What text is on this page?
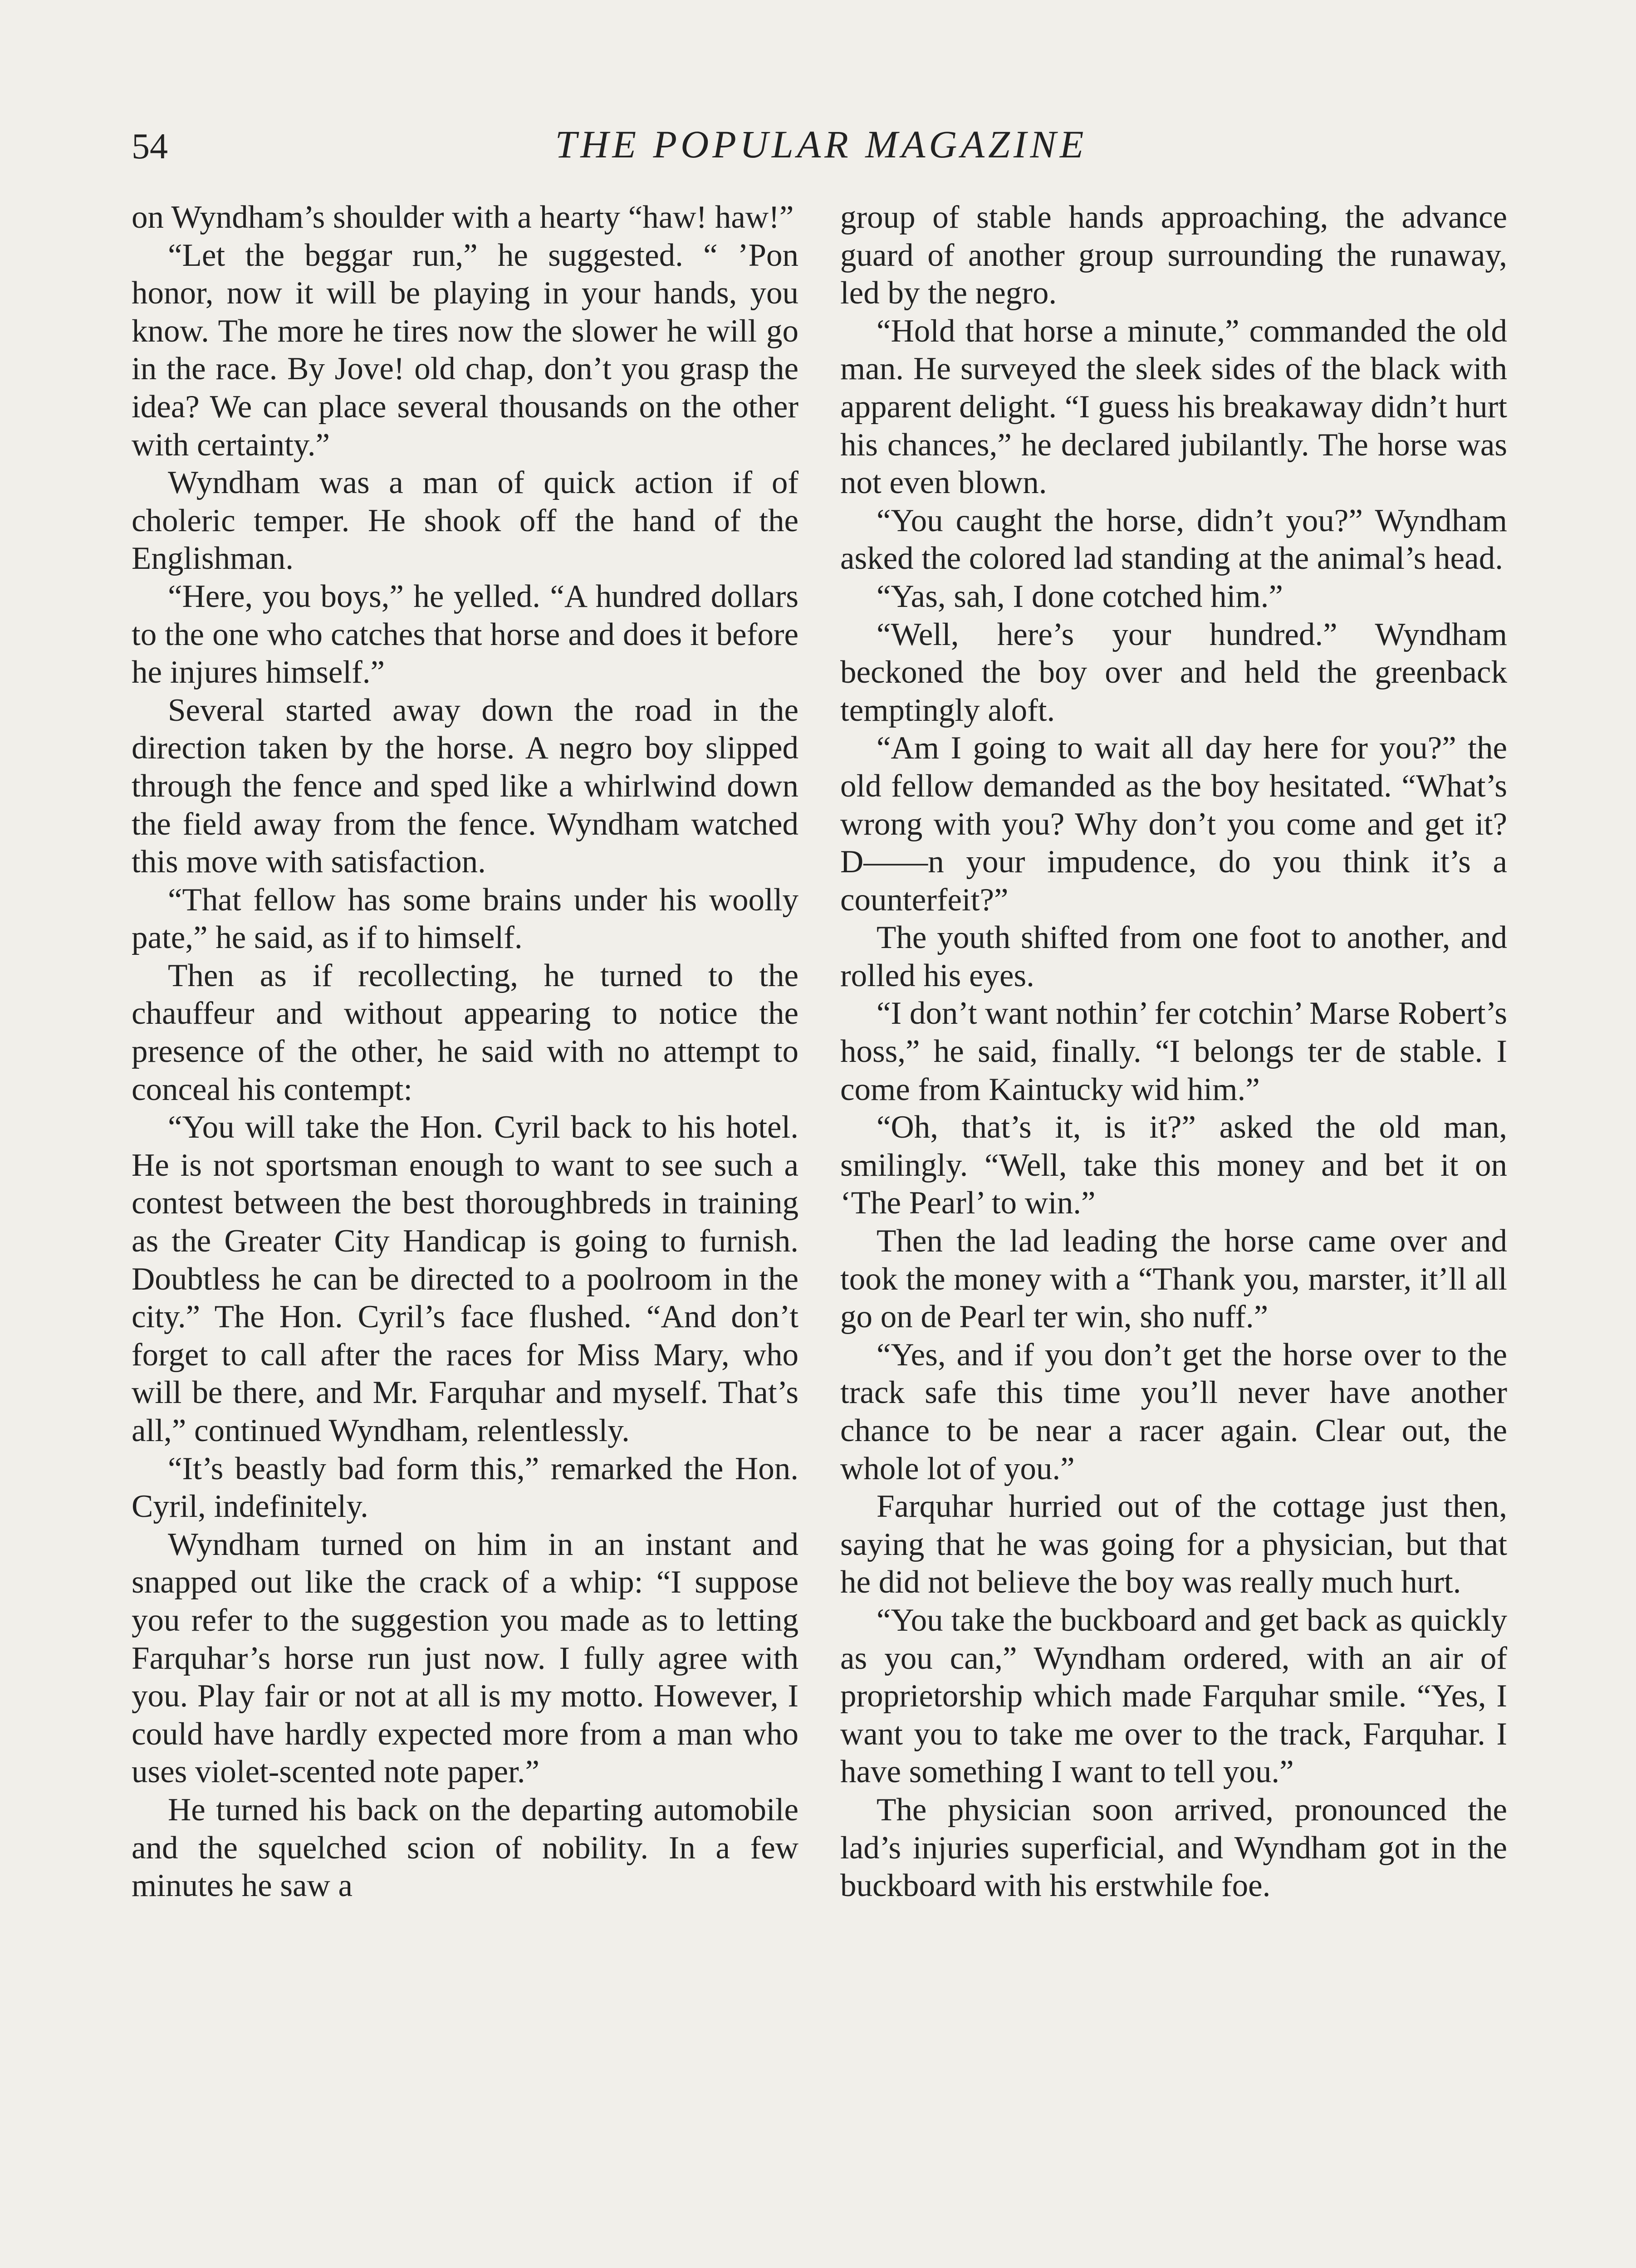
54	THE POPULAR MAGAZINE

on Wyndham’s shoulder with a hearty “haw! haw!”

“Let the beggar run,” he suggested. “ ’Pon honor, now it will be playing in your hands, you know. The more he tires now the slower he will go in the race. By Jove! old chap, don’t you grasp the idea? We can place several thousands on the other with certainty.”

Wyndham was a man of quick action if of choleric temper. He shook off the hand of the Englishman.

“Here, you boys,” he yelled. “A hundred dollars to the one who catches that horse and does it before he injures himself.”

Several started away down the road in the direction taken by the horse. A negro boy slipped through the fence and sped like a whirlwind down the field away from the fence. Wyndham watched this move with satisfaction.

“That fellow has some brains under his woolly pate,” he said, as if to himself.

Then as if recollecting, he turned to the chauffeur and without appearing to notice the presence of the other, he said with no attempt to conceal his contempt:

“You will take the Hon. Cyril back to his hotel. He is not sportsman enough to want to see such a contest between the best thoroughbreds in training as the Greater City Handicap is going to furnish. Doubtless he can be directed to a poolroom in the city.” The Hon. Cyril’s face flushed. “And don’t forget to call after the races for Miss Mary, who will be there, and Mr. Farquhar and myself. That’s all,” continued Wyndham, relentlessly.

“It’s beastly bad form this,” remarked the Hon. Cyril, indefinitely.

Wyndham turned on him in an instant and snapped out like the crack of a whip: “I suppose you refer to the suggestion you made as to letting Farquhar’s horse run just now. I fully agree with you. Play fair or not at all is my motto. However, I could have hardly expected more from a man who uses violet-scented note paper.”

He turned his back on the departing automobile and the squelched scion of nobility. In a few minutes he saw a

group of stable hands approaching, the advance guard of another group surrounding the runaway, led by the negro.

“Hold that horse a minute,” commanded the old man. He surveyed the sleek sides of the black with apparent delight. “I guess his breakaway didn’t hurt his chances,” he declared jubilantly. The horse was not even blown.

“You caught the horse, didn’t you?” Wyndham asked the colored lad standing at the animal’s head.

“Yas, sah, I done cotched him.”

“Well, here’s your hundred.” Wyndham beckoned the boy over and held the greenback temptingly aloft.

“Am I going to wait all day here for you?” the old fellow demanded as the boy hesitated. “What’s wrong with you? Why don’t you come and get it? D——n your impudence, do you think it’s a counterfeit?”

The youth shifted from one foot to another, and rolled his eyes.

“I don’t want nothin’ fer cotchin’ Marse Robert’s hoss,” he said, finally. “I belongs ter de stable. I come from Kaintucky wid him.”

“Oh, that’s it, is it?” asked the old man, smilingly. “Well, take this money and bet it on ‘The Pearl’ to win.”

Then the lad leading the horse came over and took the money with a “Thank you, marster, it’ll all go on de Pearl ter win, sho nuff.”

“Yes, and if you don’t get the horse over to the track safe this time you’ll never have another chance to be near a racer again. Clear out, the whole lot of you.”

Farquhar hurried out of the cottage just then, saying that he was going for a physician, but that he did not believe the boy was really much hurt.

“You take the buckboard and get back as quickly as you can,” Wyndham ordered, with an air of proprietorship which made Farquhar smile. “Yes, I want you to take me over to the track, Farquhar. I have something I want to tell you.”

The physician soon arrived, pronounced the lad’s injuries superficial, and Wyndham got in the buckboard with his erstwhile foe.
